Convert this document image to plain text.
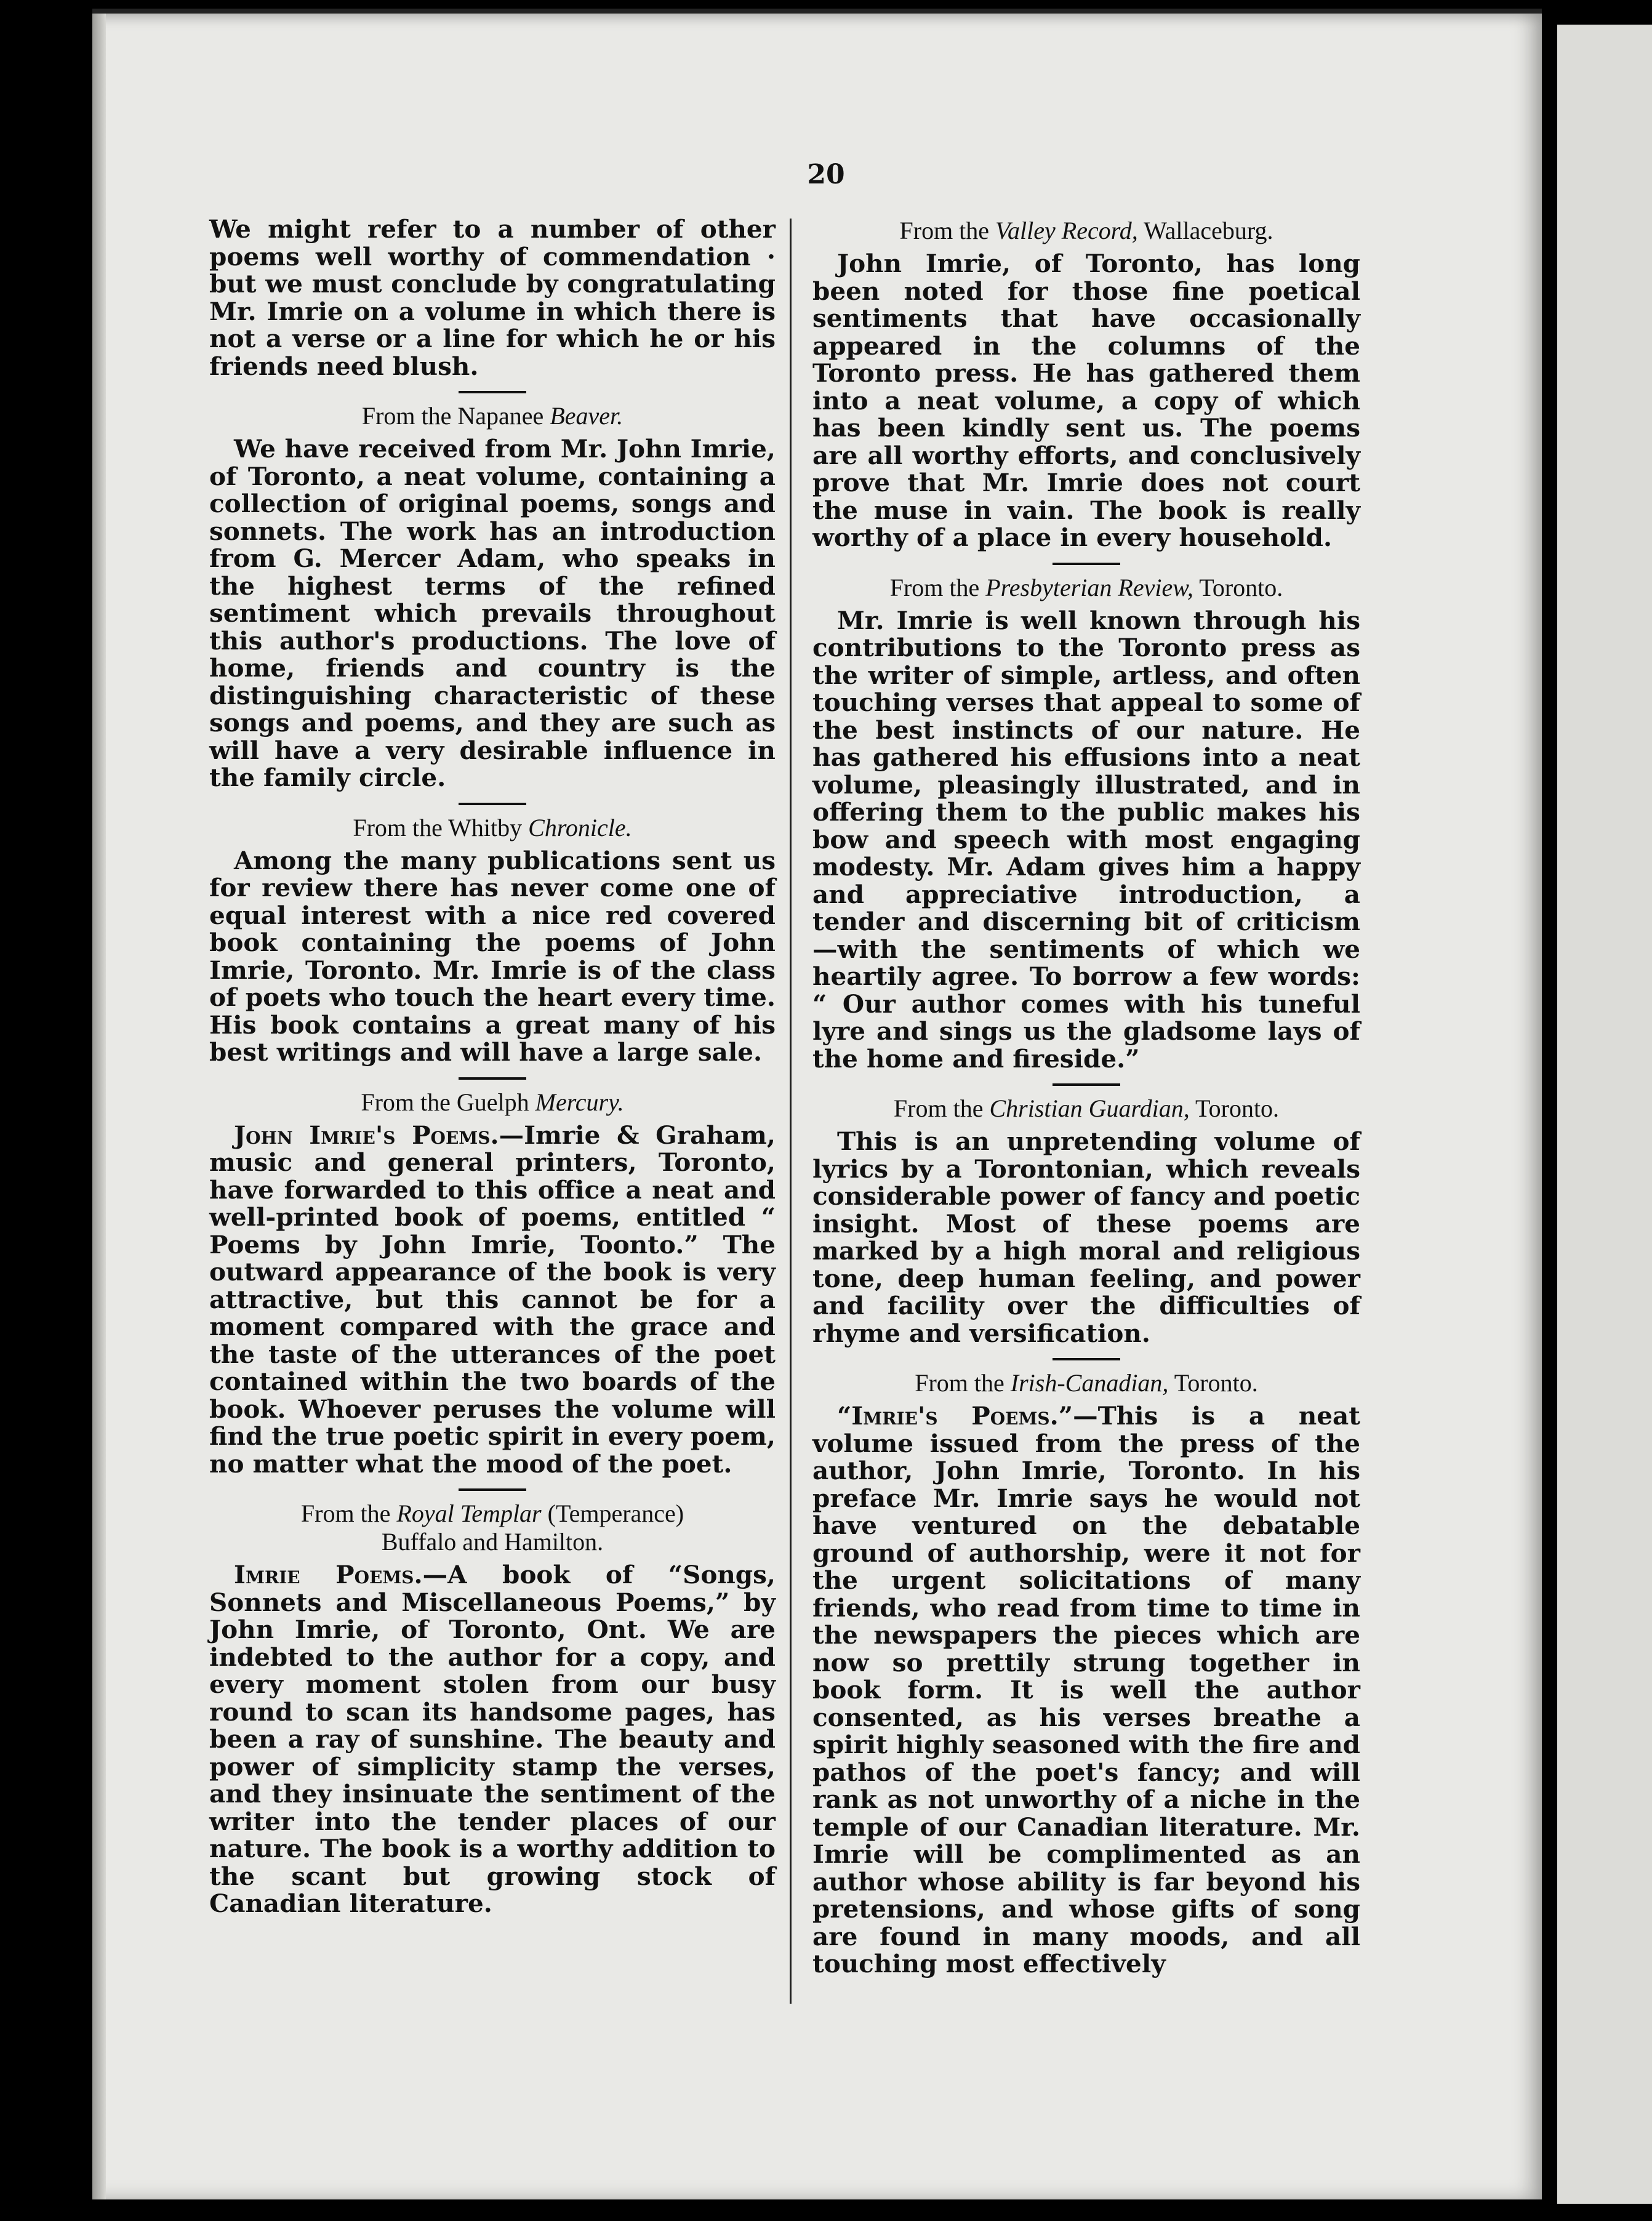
20

We might refer to a number of other poems well worthy of commendation · but we must conclude by congratulating Mr. Imrie on a volume in which there is not a verse or a line for which he or his friends need blush.

From the Napanee Beaver.

We have received from Mr. John Imrie, of Toronto, a neat volume, containing a collection of original poems, songs and sonnets. The work has an introduction from G. Mercer Adam, who speaks in the highest terms of the refined sentiment which prevails throughout this author's productions. The love of home, friends and country is the distinguishing characteristic of these songs and poems, and they are such as will have a very desirable influence in the family circle.

From the Whitby Chronicle.

Among the many publications sent us for review there has never come one of equal interest with a nice red covered book containing the poems of John Imrie, Toronto. Mr. Imrie is of the class of poets who touch the heart every time. His book contains a great many of his best writings and will have a large sale.

From the Guelph Mercury.

John Imrie's Poems.—Imrie & Graham, music and general printers, Toronto, have forwarded to this office a neat and well-printed book of poems, entitled “ Poems by John Imrie, Toonto.” The outward appearance of the book is very attractive, but this cannot be for a moment compared with the grace and the taste of the utterances of the poet contained within the two boards of the book. Whoever peruses the volume will find the true poetic spirit in every poem, no matter what the mood of the poet.

From the Royal Templar (Temperance)
Buffalo and Hamilton.

Imrie Poems.—A book of “Songs, Sonnets and Miscellaneous Poems,” by John Imrie, of Toronto, Ont. We are indebted to the author for a copy, and every moment stolen from our busy round to scan its handsome pages, has been a ray of sunshine. The beauty and power of simplicity stamp the verses, and they insinuate the sentiment of the writer into the tender places of our nature. The book is a worthy addition to the scant but growing stock of Canadian literature.

From the Valley Record, Wallaceburg.

John Imrie, of Toronto, has long been noted for those fine poetical sentiments that have occasionally appeared in the columns of the Toronto press. He has gathered them into a neat volume, a copy of which has been kindly sent us. The poems are all worthy efforts, and conclusively prove that Mr. Imrie does not court the muse in vain. The book is really worthy of a place in every household.

From the Presbyterian Review, Toronto.

Mr. Imrie is well known through his contributions to the Toronto press as the writer of simple, artless, and often touching verses that appeal to some of the best instincts of our nature. He has gathered his effusions into a neat volume, pleasingly illustrated, and in offering them to the public makes his bow and speech with most engaging modesty. Mr. Adam gives him a happy and appreciative introduction, a tender and discerning bit of criticism —with the sentiments of which we heartily agree. To borrow a few words: “ Our author comes with his tuneful lyre and sings us the gladsome lays of the home and fireside.”

From the Christian Guardian, Toronto.

This is an unpretending volume of lyrics by a Torontonian, which reveals considerable power of fancy and poetic insight. Most of these poems are marked by a high moral and religious tone, deep human feeling, and power and facility over the difficulties of rhyme and versification.

From the Irish-Canadian, Toronto.

“Imrie's Poems.”—This is a neat volume issued from the press of the author, John Imrie, Toronto. In his preface Mr. Imrie says he would not have ventured on the debatable ground of authorship, were it not for the urgent solicitations of many friends, who read from time to time in the newspapers the pieces which are now so prettily strung together in book form. It is well the author consented, as his verses breathe a spirit highly seasoned with the fire and pathos of the poet's fancy; and will rank as not unworthy of a niche in the temple of our Canadian literature. Mr. Imrie will be complimented as an author whose ability is far beyond his pretensions, and whose gifts of song are found in many moods, and all touching most effectively
